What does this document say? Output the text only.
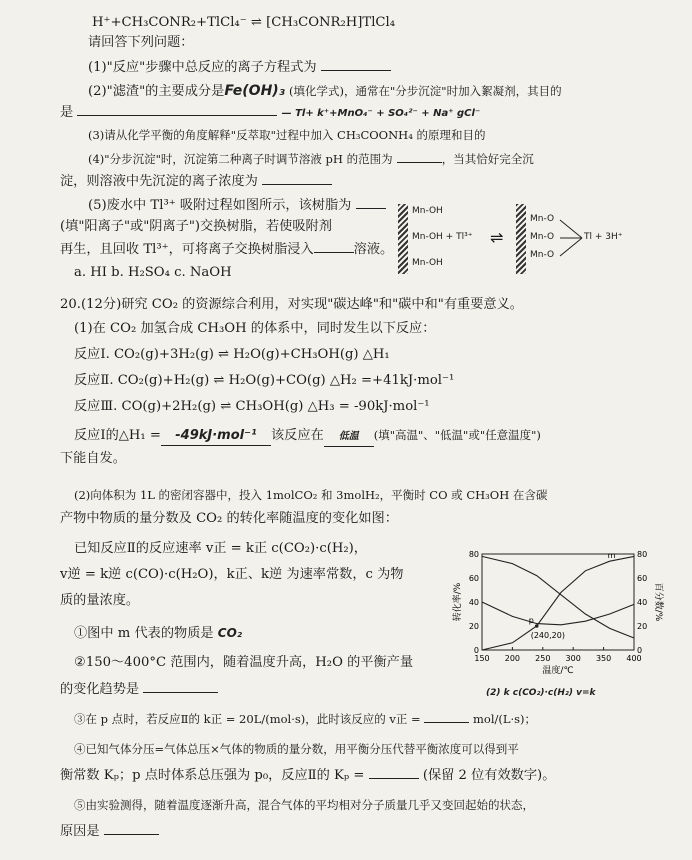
H⁺+CH₃CONR₂+TlCl₄⁻ ⇌ [CH₃CONR₂H]TlCl₄
请回答下列问题：
(1)"反应"步骤中总反应的离子方程式为
(2)"滤渣"的主要成分是Fe(OH)₃ (填化学式)，通常在"分步沉淀"时加入絮凝剂，其目的
是	— Tl+ k⁺+MnO₄⁻ + SO₄²⁻ + Na⁺ gCl⁻
(3)请从化学平衡的角度解释"反萃取"过程中加入 CH₃COONH₄ 的原理和目的
(4)"分步沉淀"时，沉淀第二种离子时调节溶液 pH 的范围为	，当其恰好完全沉
淀，则溶液中先沉淀的离子浓度为
(5)废水中 Tl³⁺ 吸附过程如图所示，该树脂为
(填"阳离子"或"阴离子")交换树脂，若使吸附剂
再生，且回收 Tl³⁺，可将离子交换树脂浸入	溶液。
a. HI b. H₂SO₄ c. NaOH
Mn-OH
Mn-OH + Tl³⁺
Mn-OH
⇌
Mn-O
Mn-O
Mn-O
Tl + 3H⁺
20.(12分)研究 CO₂ 的资源综合利用，对实现"碳达峰"和"碳中和"有重要意义。
(1)在 CO₂ 加氢合成 CH₃OH 的体系中，同时发生以下反应：
反应Ⅰ. CO₂(g)+3H₂(g) ⇌ H₂O(g)+CH₃OH(g) △H₁
反应Ⅱ. CO₂(g)+H₂(g) ⇌ H₂O(g)+CO(g) △H₂ =+41kJ·mol⁻¹
反应Ⅲ. CO(g)+2H₂(g) ⇌ CH₃OH(g) △H₃ = -90kJ·mol⁻¹
反应Ⅰ的△H₁ = -49kJ·mol⁻¹ 该反应在 低温 (填"高温"、"低温"或"任意温度")
下能自发。
(2)向体积为 1L 的密闭容器中，投入 1molCO₂ 和 3molH₂，平衡时 CO 或 CH₃OH 在含碳
产物中物质的量分数及 CO₂ 的转化率随温度的变化如图：
已知反应Ⅱ的反应速率 v正 = k正 c(CO₂)·c(H₂)，
v逆 = k逆 c(CO)·c(H₂O)，k正、k逆 为速率常数，c 为物
质的量浓度。
①图中 m 代表的物质是 CO₂
②150～400°C 范围内，随着温度升高，H₂O 的平衡产量
的变化趋势是	(2) k c(CO₂)·c(H₂) v=k
③在 p 点时，若反应Ⅱ的 k正 = 20L/(mol·s)，此时该反应的 v正 =	mol/(L·s)；
④已知气体分压=气体总压×气体的物质的量分数，用平衡分压代替平衡浓度可以得到平
衡常数 Kₚ；p 点时体系总压强为 p₀，反应Ⅱ的 Kₚ =	(保留 2 位有效数字)。
⑤由实验测得，随着温度逐渐升高，混合气体的平均相对分子质量几乎又变回起始的状态，
原因是
150 200 250 300 350 400
0	0
20	20
40	40
60	60
80	80
温度/℃
转化率/%	百分数/%
m
p
(240,20)
